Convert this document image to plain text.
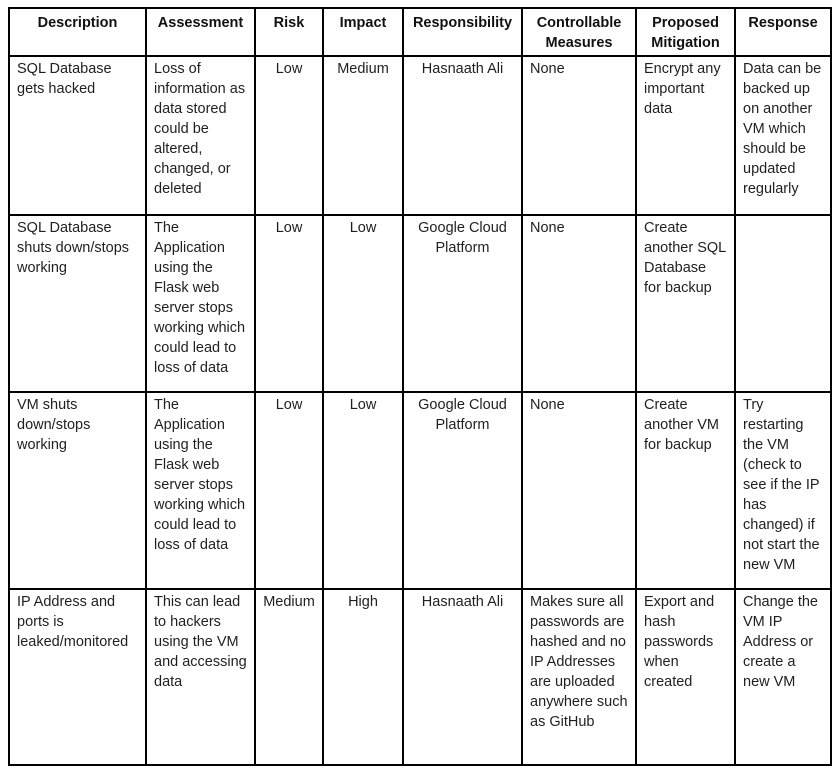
Description	Assessment	Risk	Impact	Responsibility	Controllable Measures	Proposed Mitigation	Response
SQL Database gets hacked	Loss of information as data stored could be altered, changed, or deleted	Low	Medium	Hasnaath Ali	None	Encrypt any important data	Data can be backed up on another VM which should be updated regularly
SQL Database shuts down/stops working	The Application using the Flask web server stops working which could lead to loss of data	Low	Low	Google Cloud Platform	None	Create another SQL Database for backup	
VM shuts down/stops working	The Application using the Flask web server stops working which could lead to loss of data	Low	Low	Google Cloud Platform	None	Create another VM for backup	Try restarting the VM (check to see if the IP has changed) if not start the new VM
IP Address and ports is leaked/monitored	This can lead to hackers using the VM and accessing data	Medium	High	Hasnaath Ali	Makes sure all passwords are hashed and no IP Addresses are uploaded anywhere such as GitHub	Export and hash passwords when created	Change the VM IP Address or create a new VM
